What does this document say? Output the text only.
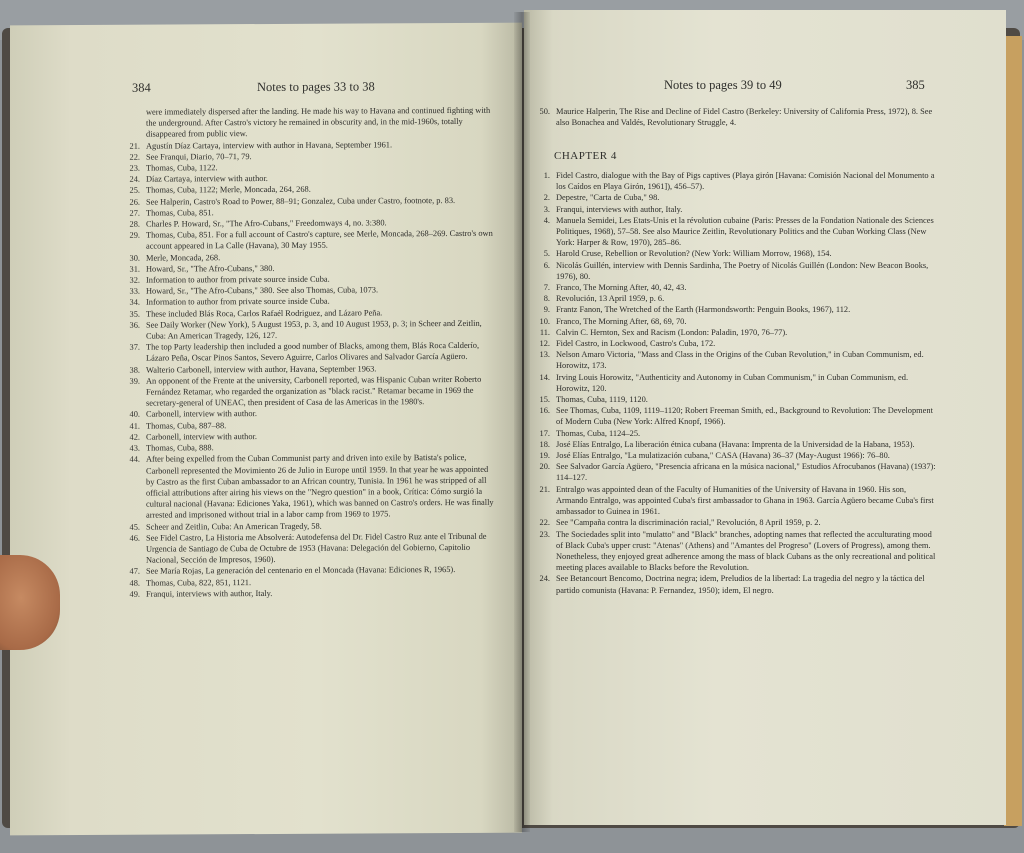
384	Notes to pages 33 to 38
were immediately dispersed after the landing. He made his way to Havana and continued fighting with the underground. After Castro's victory he remained in obscurity and, in the mid-1960s, totally disappeared from public view.
21. Agustín Díaz Cartaya, interview with author in Havana, September 1961.
22. See Franqui, Diario, 70–71, 79.
23. Thomas, Cuba, 1122.
24. Díaz Cartaya, interview with author.
25. Thomas, Cuba, 1122; Merle, Moncada, 264, 268.
26. See Halperin, Castro's Road to Power, 88–91; Gonzalez, Cuba under Castro, footnote, p. 83.
27. Thomas, Cuba, 851.
28. Charles P. Howard, Sr., "The Afro-Cubans," Freedomways 4, no. 3:380.
29. Thomas, Cuba, 851. For a full account of Castro's capture, see Merle, Moncada, 268–269. Castro's own account appeared in La Calle (Havana), 30 May 1955.
30. Merle, Moncada, 268.
31. Howard, Sr., "The Afro-Cubans," 380.
32. Information to author from private source inside Cuba.
33. Howard, Sr., "The Afro-Cubans," 380. See also Thomas, Cuba, 1073.
34. Information to author from private source inside Cuba.
35. These included Blás Roca, Carlos Rafaél Rodriguez, and Lázaro Peña.
36. See Daily Worker (New York), 5 August 1953, p. 3, and 10 August 1953, p. 3; in Scheer and Zeitlin, Cuba: An American Tragedy, 126, 127.
37. The top Party leadership then included a good number of Blacks, among them, Blás Roca Calderío, Lázaro Peña, Oscar Pinos Santos, Severo Aguirre, Carlos Olivares and Salvador García Agüero.
38. Walterio Carbonell, interview with author, Havana, September 1963.
39. An opponent of the Frente at the university, Carbonell reported, was Hispanic Cuban writer Roberto Fernández Retamar, who regarded the organization as "black racist." Retamar became in 1969 the secretary-general of UNEAC, then president of Casa de las Americas in the 1980's.
40. Carbonell, interview with author.
41. Thomas, Cuba, 887–88.
42. Carbonell, interview with author.
43. Thomas, Cuba, 888.
44. After being expelled from the Cuban Communist party and driven into exile by Batista's police, Carbonell represented the Movimiento 26 de Julio in Europe until 1959. In that year he was appointed by Castro as the first Cuban ambassador to an African country, Tunisia. In 1961 he was stripped of all official attributions after airing his views on the "Negro question" in a book, Crítica: Cómo surgió la cultural nacional (Havana: Ediciones Yaka, 1961), which was banned on Castro's orders. He was finally arrested and imprisoned without trial in a labor camp from 1969 to 1975.
45. Scheer and Zeitlin, Cuba: An American Tragedy, 58.
46. See Fidel Castro, La Historia me Absolverá: Autodefensa del Dr. Fidel Castro Ruz ante el Tribunal de Urgencia de Santiago de Cuba de Octubre de 1953 (Havana: Delegación del Gobierno, Capitolio Nacional, Sección de Impresos, 1960).
47. See María Rojas, La generación del centenario en el Moncada (Havana: Ediciones R, 1965).
48. Thomas, Cuba, 822, 851, 1121.
49. Franqui, interviews with author, Italy.
Notes to pages 39 to 49	385
50. Maurice Halperin, The Rise and Decline of Fidel Castro (Berkeley: University of California Press, 1972), 8. See also Bonachea and Valdés, Revolutionary Struggle, 4.
CHAPTER 4
1. Fidel Castro, dialogue with the Bay of Pigs captives (Playa girón [Havana: Comisión Nacional del Monumento a los Caídos en Playa Girón, 1961]), 456–57).
2. Depestre, "Carta de Cuba," 98.
3. Franqui, interviews with author, Italy.
4. Manuela Semidei, Les Etats-Unis et la révolution cubaine (Paris: Presses de la Fondation Nationale des Sciences Politiques, 1968), 57–58. See also Maurice Zeitlin, Revolutionary Politics and the Cuban Working Class (New York: Harper & Row, 1970), 285–86.
5. Harold Cruse, Rebellion or Revolution? (New York: William Morrow, 1968), 154.
6. Nicolás Guillén, interview with Dennis Sardinha, The Poetry of Nicolás Guillén (London: New Beacon Books, 1976), 80.
7. Franco, The Morning After, 40, 42, 43.
8. Revolución, 13 April 1959, p. 6.
9. Frantz Fanon, The Wretched of the Earth (Harmondsworth: Penguin Books, 1967), 112.
10. Franco, The Morning After, 68, 69, 70.
11. Calvin C. Hernton, Sex and Racism (London: Paladin, 1970, 76–77).
12. Fidel Castro, in Lockwood, Castro's Cuba, 172.
13. Nelson Amaro Victoria, "Mass and Class in the Origins of the Cuban Revolution," in Cuban Communism, ed. Horowitz, 173.
14. Irving Louis Horowitz, "Authenticity and Autonomy in Cuban Communism," in Cuban Communism, ed. Horowitz, 120.
15. Thomas, Cuba, 1119, 1120.
16. See Thomas, Cuba, 1109, 1119–1120; Robert Freeman Smith, ed., Background to Revolution: The Development of Modern Cuba (New York: Alfred Knopf, 1966).
17. Thomas, Cuba, 1124–25.
18. José Elías Entralgo, La liberación étnica cubana (Havana: Imprenta de la Universidad de la Habana, 1953).
19. José Elías Entralgo, "La mulatización cubana," CASA (Havana) 36–37 (May-August 1966): 76–80.
20. See Salvador García Agüero, "Presencia africana en la música nacional," Estudios Afrocubanos (Havana) (1937): 114–127.
21. Entralgo was appointed dean of the Faculty of Humanities of the University of Havana in 1960. His son, Armando Entralgo, was appointed Cuba's first ambassador to Ghana in 1963. García Agüero became Cuba's first ambassador to Guinea in 1961.
22. See "Campaña contra la discriminación racial," Revolución, 8 April 1959, p. 2.
23. The Sociedades split into "mulatto" and "Black" branches, adopting names that reflected the acculturating mood of Black Cuba's upper crust: "Atenas" (Athens) and "Amantes del Progreso" (Lovers of Progress), among them. Nonetheless, they enjoyed great adherence among the mass of black Cubans as the only recreational and political meeting places available to Blacks before the Revolution.
24. See Betancourt Bencomo, Doctrina negra; idem, Preludios de la libertad: La tragedia del negro y la táctica del partido comunista (Havana: P. Fernandez, 1950); idem, El negro.
